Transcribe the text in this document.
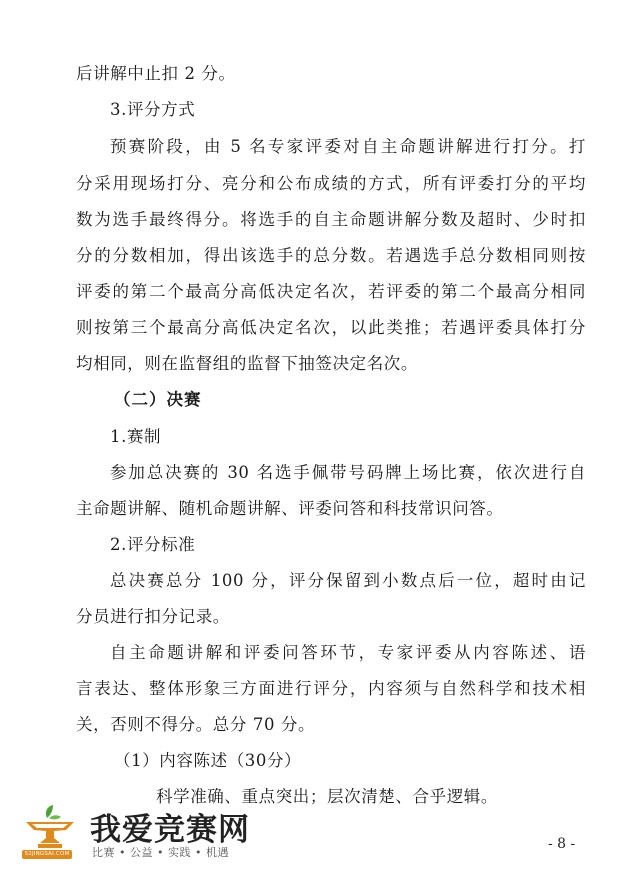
后讲解中止扣 2 分。
3.评分方式
预赛阶段，由 5 名专家评委对自主命题讲解进行打分。打
分采用现场打分、亮分和公布成绩的方式，所有评委打分的平均
数为选手最终得分。将选手的自主命题讲解分数及超时、少时扣
分的分数相加，得出该选手的总分数。若遇选手总分数相同则按
评委的第二个最高分高低决定名次，若评委的第二个最高分相同
则按第三个最高分高低决定名次，以此类推；若遇评委具体打分
均相同，则在监督组的监督下抽签决定名次。
（二）决赛
1.赛制
参加总决赛的 30 名选手佩带号码牌上场比赛，依次进行自
主命题讲解、随机命题讲解、评委问答和科技常识问答。
2.评分标准
总决赛总分 100 分，评分保留到小数点后一位，超时由记
分员进行扣分记录。
自主命题讲解和评委问答环节，专家评委从内容陈述、语
言表达、整体形象三方面进行评分，内容须与自然科学和技术相
关，否则不得分。总分 70 分。
（1）内容陈述（30分）
科学准确、重点突出；层次清楚、合乎逻辑。
52JINGSAI.COM
我爱竞赛网
比赛 • 公益 • 实践 • 机遇
- 8 -
